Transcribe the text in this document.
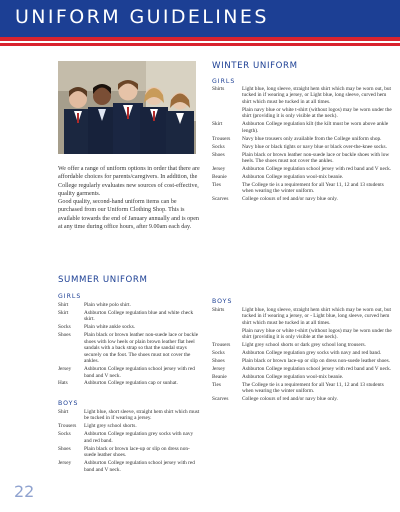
UNIFORM GUIDELINES

We offer a range of uniform options in order that there are affordable choices for parents/caregivers. In addition, the College regularly evaluates new sources of cost-effective, quality garments.

Good quality, second-hand uniform items can be purchased from our Uniform Clothing Shop. This is available towards the end of January annually and is open at any time during office hours, after 9.00am each day.

SUMMER UNIFORM
GIRLS
Shirt	Plain white polo shirt.
Skirt	Ashburton College regulation blue and white check skirt.
Socks	Plain white ankle socks.
Shoes	Plain black or brown leather non-suede lace or buckle shoes with low heels or plain brown leather flat heel sandals with a back strap so that the sandal stays securely on the foot. The shoes must not cover the ankles.
Jersey	Ashburton College regulation school jersey with red band and V neck.
Hats	Ashburton College regulation cap or sunhat.
BOYS
Shirt	Light blue, short sleeve, straight hem shirt which must be tucked in if wearing a jersey.
Trousers	Light grey school shorts.
Socks	Ashburton College regulation grey socks with navy and red band.
Shoes	Plain black or brown lace-up or slip on dress non-suede leather shoes.
Jersey	Ashburton College regulation school jersey with red band and V neck.
WINTER UNIFORM
GIRLS
Shirts	Light blue, long sleeve, straight hem shirt which may be worn out, but tucked in if wearing a jersey, or Light blue, long sleeve, curved hem shirt which must be tucked in at all times.
Plain navy blue or white t-shirt (without logos) may be worn under the shirt (providing it is only visible at the neck).
Skirt	Ashburton College regulation kilt (the kilt must be worn above ankle length).
Trousers	Navy blue trousers only available from the College uniform shop.
Socks	Navy blue or black tights or navy blue or black over-the-knee socks.
Shoes	Plain black or brown leather non-suede lace or buckle shoes with low heels. The shoes must not cover the ankles.
Jersey	Ashburton College regulation school jersey with red band and V neck.
Beanie	Ashburton College regulation wool-mix beanie.
Ties	The College tie is a requirement for all Year 11, 12 and 13 students when wearing the winter uniform.
Scarves	College colours of red and/or navy blue only.
BOYS
Shirts	Light blue, long sleeve, straight hem shirt which may be worn out, but tucked in if wearing a jersey, or - Light blue, long sleeve, curved hem shirt which must be tucked in at all times.
Plain navy blue or white t-shirt (without logos) may be worn under the shirt (providing it is only visible at the neck).
Trousers	Light grey school shorts or dark grey school long trousers.
Socks	Ashburton College regulation grey socks with navy and red band.
Shoes	Plain black or brown lace-up or slip on dress non-suede leather shoes.
Jersey	Ashburton College regulation school jersey with red band and V neck.
Beanie	Ashburton College regulation wool-mix beanie.
Ties	The College tie is a requirement for all Year 11, 12 and 13 students when wearing the winter uniform.
Scarves	College colours of red and/or navy blue only.
22
